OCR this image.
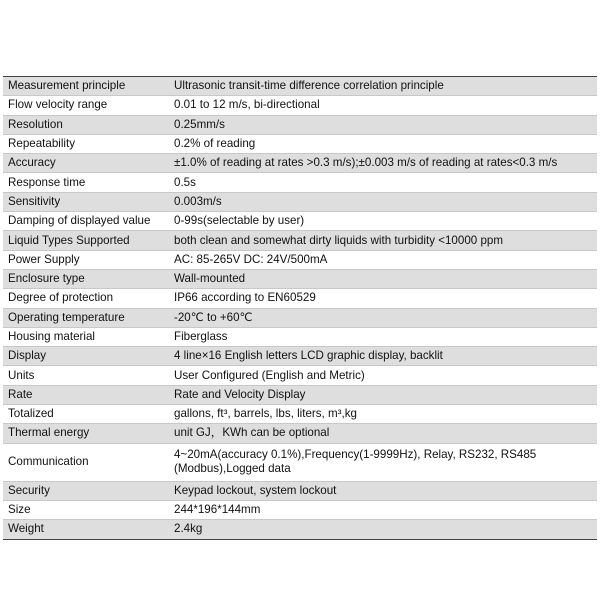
Measurement principle	Ultrasonic transit-time difference correlation principle
Flow velocity range	0.01 to 12 m/s, bi-directional
Resolution	0.25mm/s
Repeatability	0.2% of reading
Accuracy	±1.0% of reading at rates >0.3 m/s);±0.003 m/s of reading at rates<0.3 m/s
Response time	0.5s
Sensitivity	0.003m/s
Damping of displayed value	0-99s(selectable by user)
Liquid Types Supported	both clean and somewhat dirty liquids with turbidity <10000 ppm
Power Supply	AC: 85-265V DC: 24V/500mA
Enclosure type	Wall-mounted
Degree of protection	IP66 according to EN60529
Operating temperature	-20℃ to +60℃
Housing material	Fiberglass
Display	4 line×16 English letters LCD graphic display, backlit
Units	User Configured (English and Metric)
Rate	Rate and Velocity Display
Totalized	gallons, ft³, barrels, lbs, liters, m³,kg
Thermal energy	unit GJ，KWh can be optional
Communication	4~20mA(accuracy 0.1%),Frequency(1-9999Hz), Relay, RS232, RS485 (Modbus),Logged data
Security	Keypad lockout, system lockout
Size	244*196*144mm
Weight	2.4kg
